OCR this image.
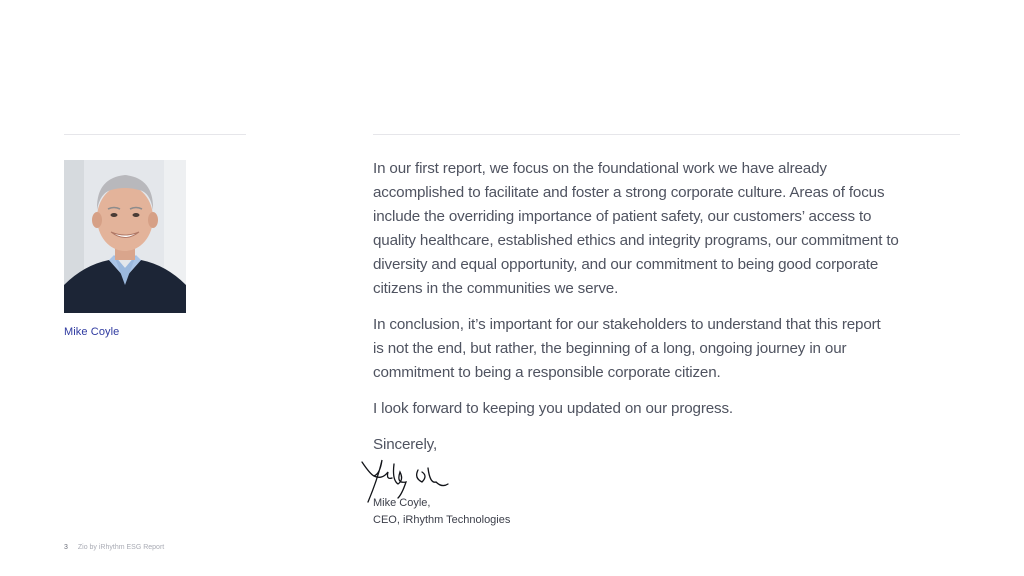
Mike Coyle

In our first report, we focus on the foundational work we have already accomplished to facilitate and foster a strong corporate culture. Areas of focus include the overriding importance of patient safety, our customers’ access to quality healthcare, established ethics and integrity programs, our commitment to diversity and equal opportunity, and our commitment to being good corporate citizens in the communities we serve.

In conclusion, it’s important for our stakeholders to understand that this report is not the end, but rather, the beginning of a long, ongoing journey in our commitment to being a responsible corporate citizen.

I look forward to keeping you updated on our progress.

Sincerely,

Mike Coyle,
CEO, iRhythm Technologies
3 Zio by iRhythm ESG Report
